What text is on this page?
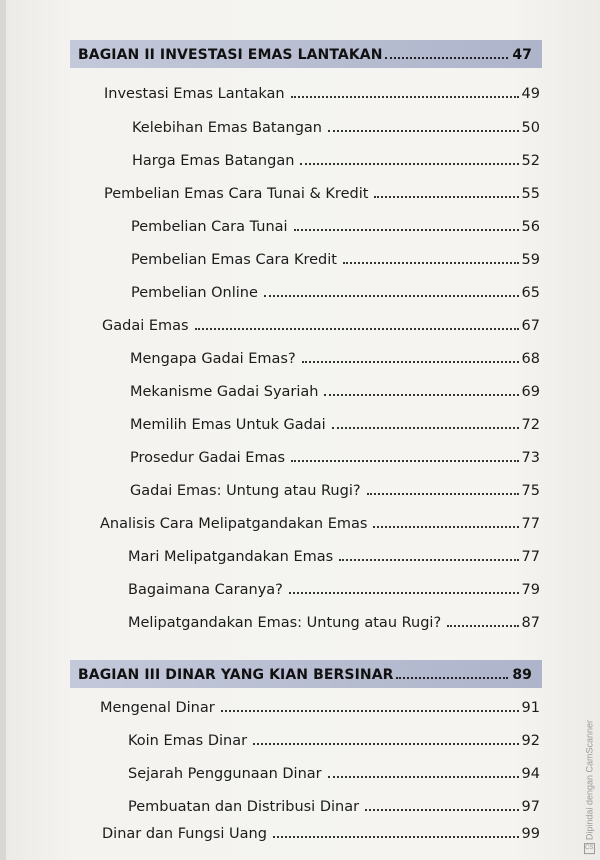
BAGIAN II INVESTASI EMAS LANTAKAN	47
Investasi Emas Lantakan	49
Kelebihan Emas Batangan	50
Harga Emas Batangan	52
Pembelian Emas Cara Tunai & Kredit	55
Pembelian Cara Tunai	56
Pembelian Emas Cara Kredit	59
Pembelian Online	65
Gadai Emas	67
Mengapa Gadai Emas?	68
Mekanisme Gadai Syariah	69
Memilih Emas Untuk Gadai	72
Prosedur Gadai Emas	73
Gadai Emas: Untung atau Rugi?	75
Analisis Cara Melipatgandakan Emas	77
Mari Melipatgandakan Emas	77
Bagaimana Caranya?	79
Melipatgandakan Emas: Untung atau Rugi?	87
BAGIAN III DINAR YANG KIAN BERSINAR	89
Mengenal Dinar	91
Koin Emas Dinar	92
Sejarah Penggunaan Dinar	94
Pembuatan dan Distribusi Dinar	97
Dinar dan Fungsi Uang	99
CS
Dipindai dengan CamScanner
